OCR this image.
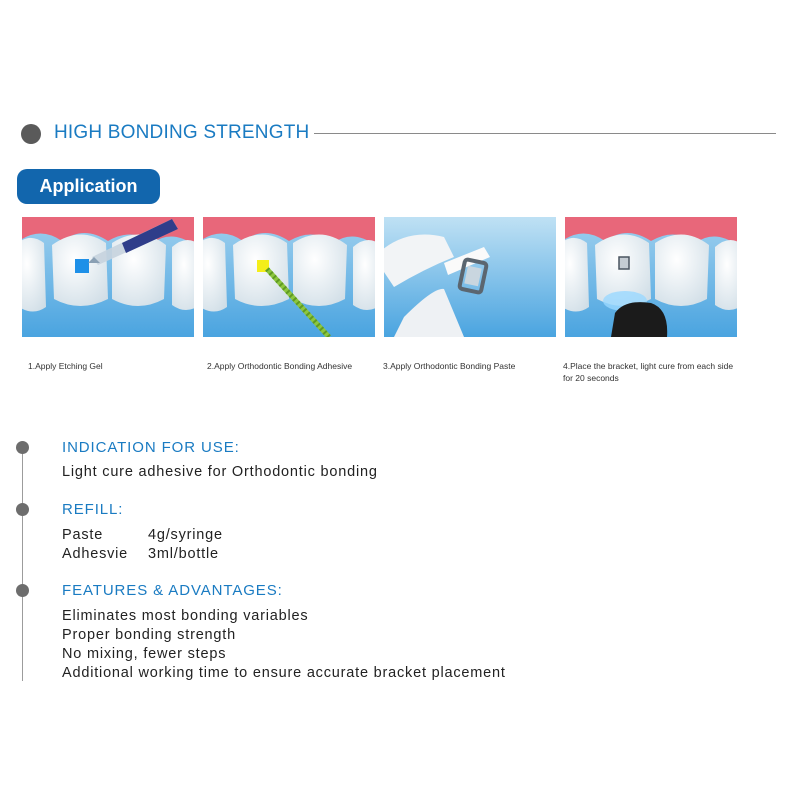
HIGH BONDING STRENGTH
Application
1.Apply Etching Gel	2.Apply Orthodontic Bonding Adhesive	3.Apply Orthodontic Bonding Paste	4.Place the bracket, light cure from each side for 20 seconds
INDICATION FOR USE:
Light cure adhesive for Orthodontic bonding
REFILL:
Paste	4g/syringe
Adhesvie	3ml/bottle
FEATURES & ADVANTAGES:
Eliminates most bonding variables
Proper bonding strength
No mixing, fewer steps
Additional working time to ensure accurate bracket placement
